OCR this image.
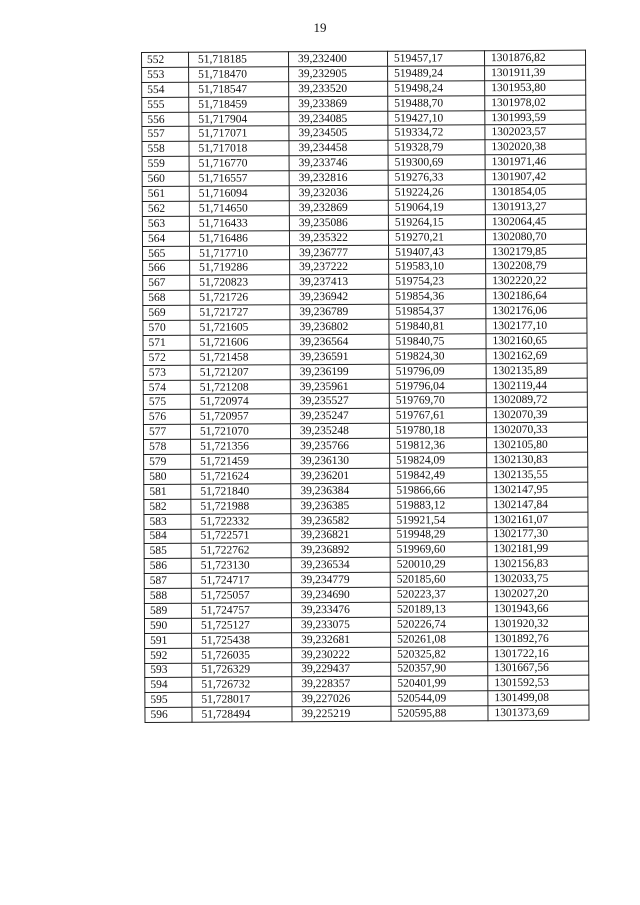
19
552	51,718185	39,232400	519457,17	1301876,82
553	51,718470	39,232905	519489,24	1301911,39
554	51,718547	39,233520	519498,24	1301953,80
555	51,718459	39,233869	519488,70	1301978,02
556	51,717904	39,234085	519427,10	1301993,59
557	51,717071	39,234505	519334,72	1302023,57
558	51,717018	39,234458	519328,79	1302020,38
559	51,716770	39,233746	519300,69	1301971,46
560	51,716557	39,232816	519276,33	1301907,42
561	51,716094	39,232036	519224,26	1301854,05
562	51,714650	39,232869	519064,19	1301913,27
563	51,716433	39,235086	519264,15	1302064,45
564	51,716486	39,235322	519270,21	1302080,70
565	51,717710	39,236777	519407,43	1302179,85
566	51,719286	39,237222	519583,10	1302208,79
567	51,720823	39,237413	519754,23	1302220,22
568	51,721726	39,236942	519854,36	1302186,64
569	51,721727	39,236789	519854,37	1302176,06
570	51,721605	39,236802	519840,81	1302177,10
571	51,721606	39,236564	519840,75	1302160,65
572	51,721458	39,236591	519824,30	1302162,69
573	51,721207	39,236199	519796,09	1302135,89
574	51,721208	39,235961	519796,04	1302119,44
575	51,720974	39,235527	519769,70	1302089,72
576	51,720957	39,235247	519767,61	1302070,39
577	51,721070	39,235248	519780,18	1302070,33
578	51,721356	39,235766	519812,36	1302105,80
579	51,721459	39,236130	519824,09	1302130,83
580	51,721624	39,236201	519842,49	1302135,55
581	51,721840	39,236384	519866,66	1302147,95
582	51,721988	39,236385	519883,12	1302147,84
583	51,722332	39,236582	519921,54	1302161,07
584	51,722571	39,236821	519948,29	1302177,30
585	51,722762	39,236892	519969,60	1302181,99
586	51,723130	39,236534	520010,29	1302156,83
587	51,724717	39,234779	520185,60	1302033,75
588	51,725057	39,234690	520223,37	1302027,20
589	51,724757	39,233476	520189,13	1301943,66
590	51,725127	39,233075	520226,74	1301920,32
591	51,725438	39,232681	520261,08	1301892,76
592	51,726035	39,230222	520325,82	1301722,16
593	51,726329	39,229437	520357,90	1301667,56
594	51,726732	39,228357	520401,99	1301592,53
595	51,728017	39,227026	520544,09	1301499,08
596	51,728494	39,225219	520595,88	1301373,69
